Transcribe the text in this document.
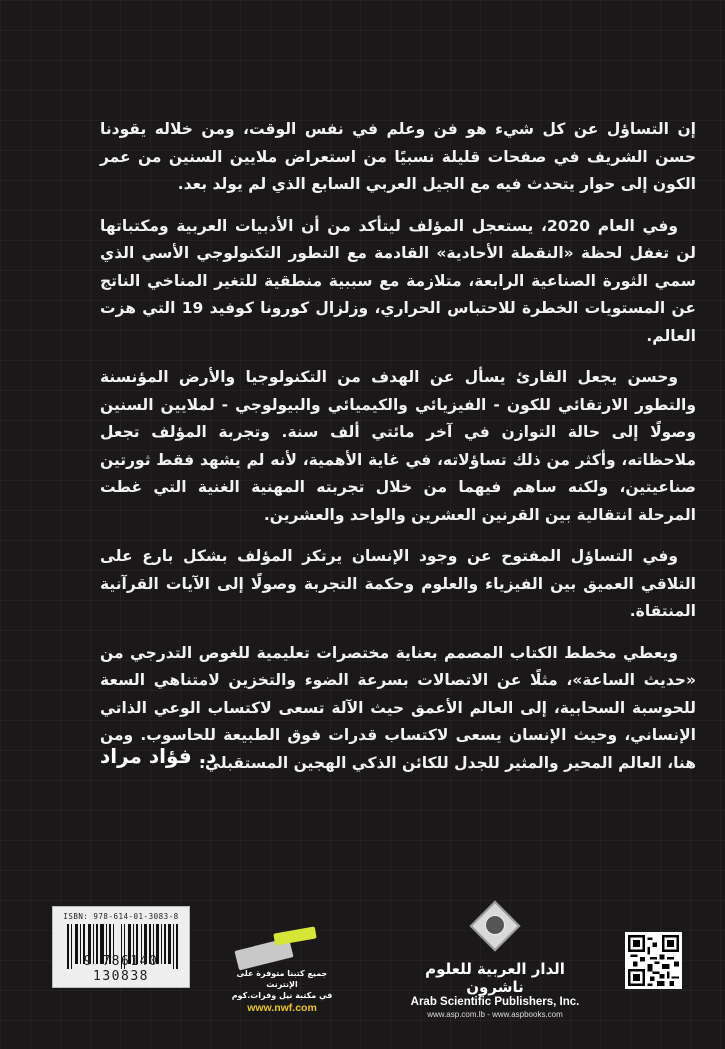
إن التساؤل عن كل شيء هو فن وعلم في نفس الوقت، ومن خلاله يقودنا حسن الشريف في صفحات قليلة نسبيًا من استعراض ملايين السنين من عمر الكون إلى حوار يتحدث فيه مع الجيل العربي السابع الذي لم يولد بعد.

وفي العام 2020، يستعجل المؤلف ليتأكد من أن الأدبيات العربية ومكتباتها لن تغفل لحظة «النقطة الأحادية» القادمة مع التطور التكنولوجي الأسي الذي سمي الثورة الصناعية الرابعة، متلازمة مع سببية منطقية للتغير المناخي الناتج عن المستويات الخطرة للاحتباس الحراري، وزلزال كورونا كوفيد 19 التي هزت العالم.

وحسن يجعل القارئ يسأل عن الهدف من التكنولوجيا والأرض المؤنسنة والتطور الارتقائي للكون - الفيزيائي والكيميائي والبيولوجي - لملايين السنين وصولًا إلى حالة التوازن في آخر مائتي ألف سنة. وتجربة المؤلف تجعل ملاحظاته، وأكثر من ذلك تساؤلاته، في غاية الأهمية، لأنه لم يشهد فقط ثورتين صناعيتين، ولكنه ساهم فيهما من خلال تجربته المهنية الغنية التي غطت المرحلة انتقالية بين القرنين العشرين والواحد والعشرين.

وفي التساؤل المفتوح عن وجود الإنسان يرتكز المؤلف بشكل بارع على التلاقي العميق بين الفيزياء والعلوم وحكمة التجربة وصولًا إلى الآيات القرآنية المنتقاة.

ويعطي مخطط الكتاب المصمم بعناية مختصرات تعليمية للغوص التدرجي من «حديث الساعة»، مثلًا عن الاتصالات بسرعة الضوء والتخزين لامتناهي السعة للحوسبة السحابية، إلى العالم الأعمق حيث الآلة تسعى لاكتساب الوعي الذاتي الإنساني، وحيث الإنسان يسعى لاكتساب قدرات فوق الطبيعة للحاسوب. ومن هنا، العالم المحير والمثير للجدل للكائن الذكي الهجين المستقبلي.

د. فؤاد مراد
ISBN: 978-614-01-3083-8
9 786140 130838	جميع كتبنا متوفرة على الإنترنت
في مكتبة نيل وفرات.كوم
www.nwf.com
الدار العربية للعلوم ناشرون
Arab Scientific Publishers, Inc.
www.asp.com.lb - www.aspbooks.com
